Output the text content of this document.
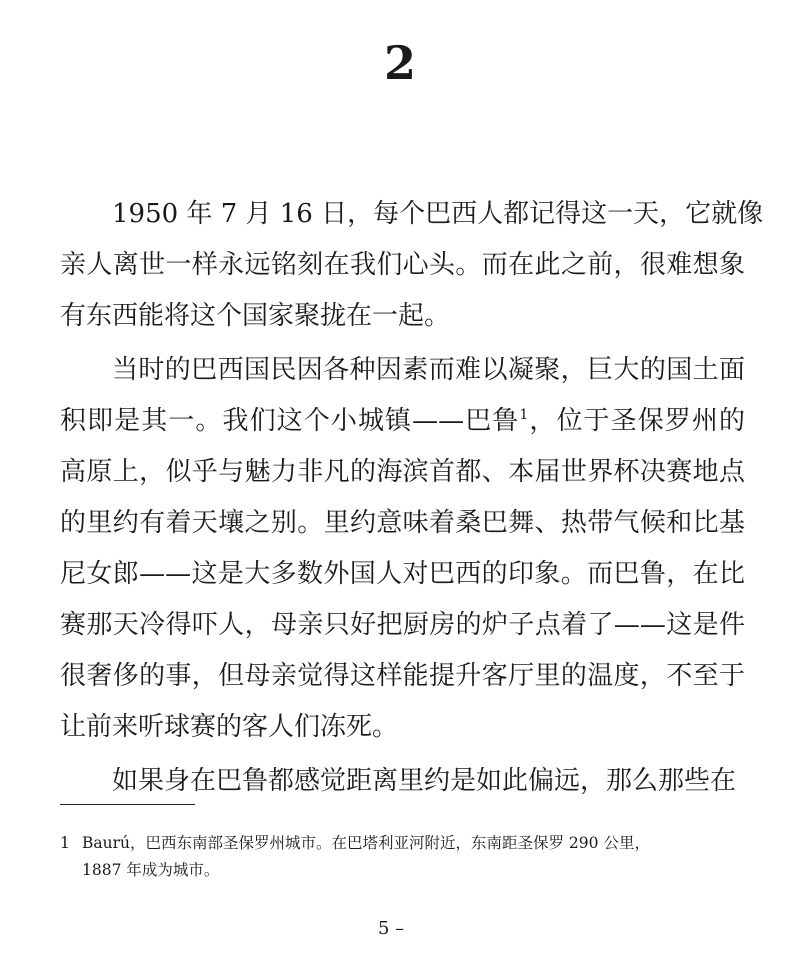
2
1950 年 7 月 16 日，每个巴西人都记得这一天，它就像
亲人离世一样永远铭刻在我们心头。而在此之前，很难想象
有东西能将这个国家聚拢在一起。
当时的巴西国民因各种因素而难以凝聚，巨大的国土面
积即是其一。我们这个小城镇——巴鲁$^1$，位于圣保罗州的
高原上，似乎与魅力非凡的海滨首都、本届世界杯决赛地点
的里约有着天壤之别。里约意味着桑巴舞、热带气候和比基
尼女郎——这是大多数外国人对巴西的印象。而巴鲁，在比
赛那天冷得吓人，母亲只好把厨房的炉子点着了——这是件
很奢侈的事，但母亲觉得这样能提升客厅里的温度，不至于
让前来听球赛的客人们冻死。
如果身在巴鲁都感觉距离里约是如此偏远，那么那些在
1 Baurú，巴西东南部圣保罗州城市。在巴塔利亚河附近，东南距圣保罗 290 公里，
1887 年成为城市。
5 –
